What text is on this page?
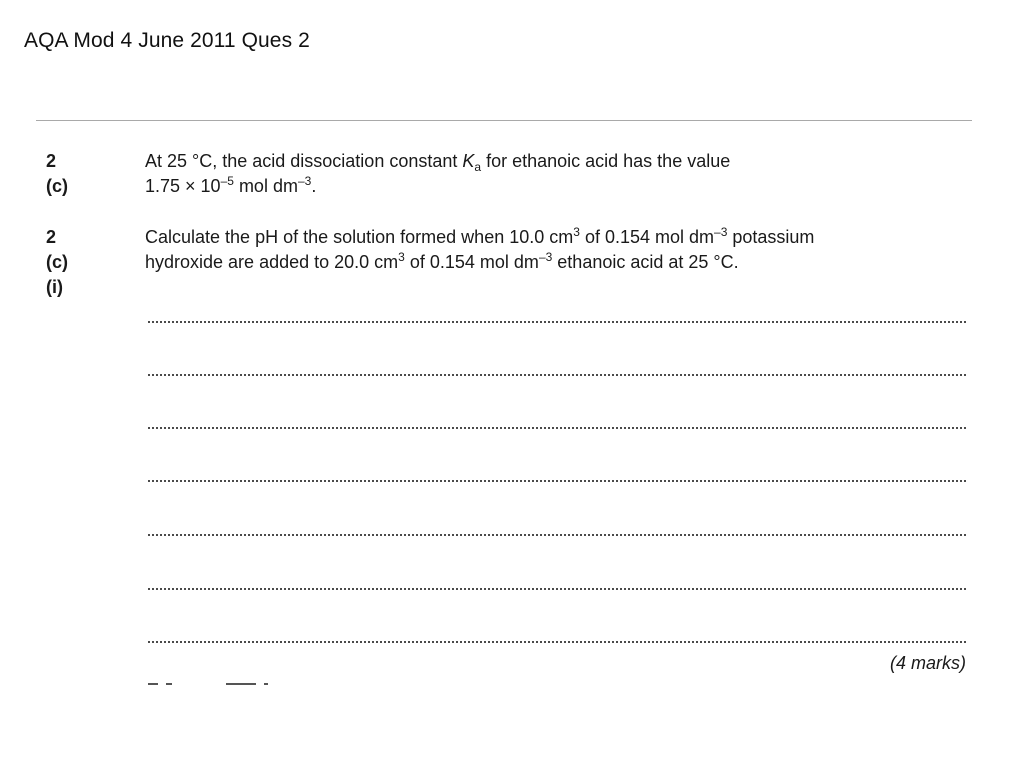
AQA Mod 4 June 2011 Ques 2
2 (c)
At 25 °C, the acid dissociation constant $K_a$ for ethanoic acid has the value
$1.75 \times 10^{-5}$ mol $dm^{-3}$.
2 (c) (i)
Calculate the pH of the solution formed when 10.0 $cm^3$ of 0.154 mol $dm^{-3}$ potassium
hydroxide are added to 20.0 $cm^3$ of 0.154 mol $dm^{-3}$ ethanoic acid at 25 °C.
(4 marks)
